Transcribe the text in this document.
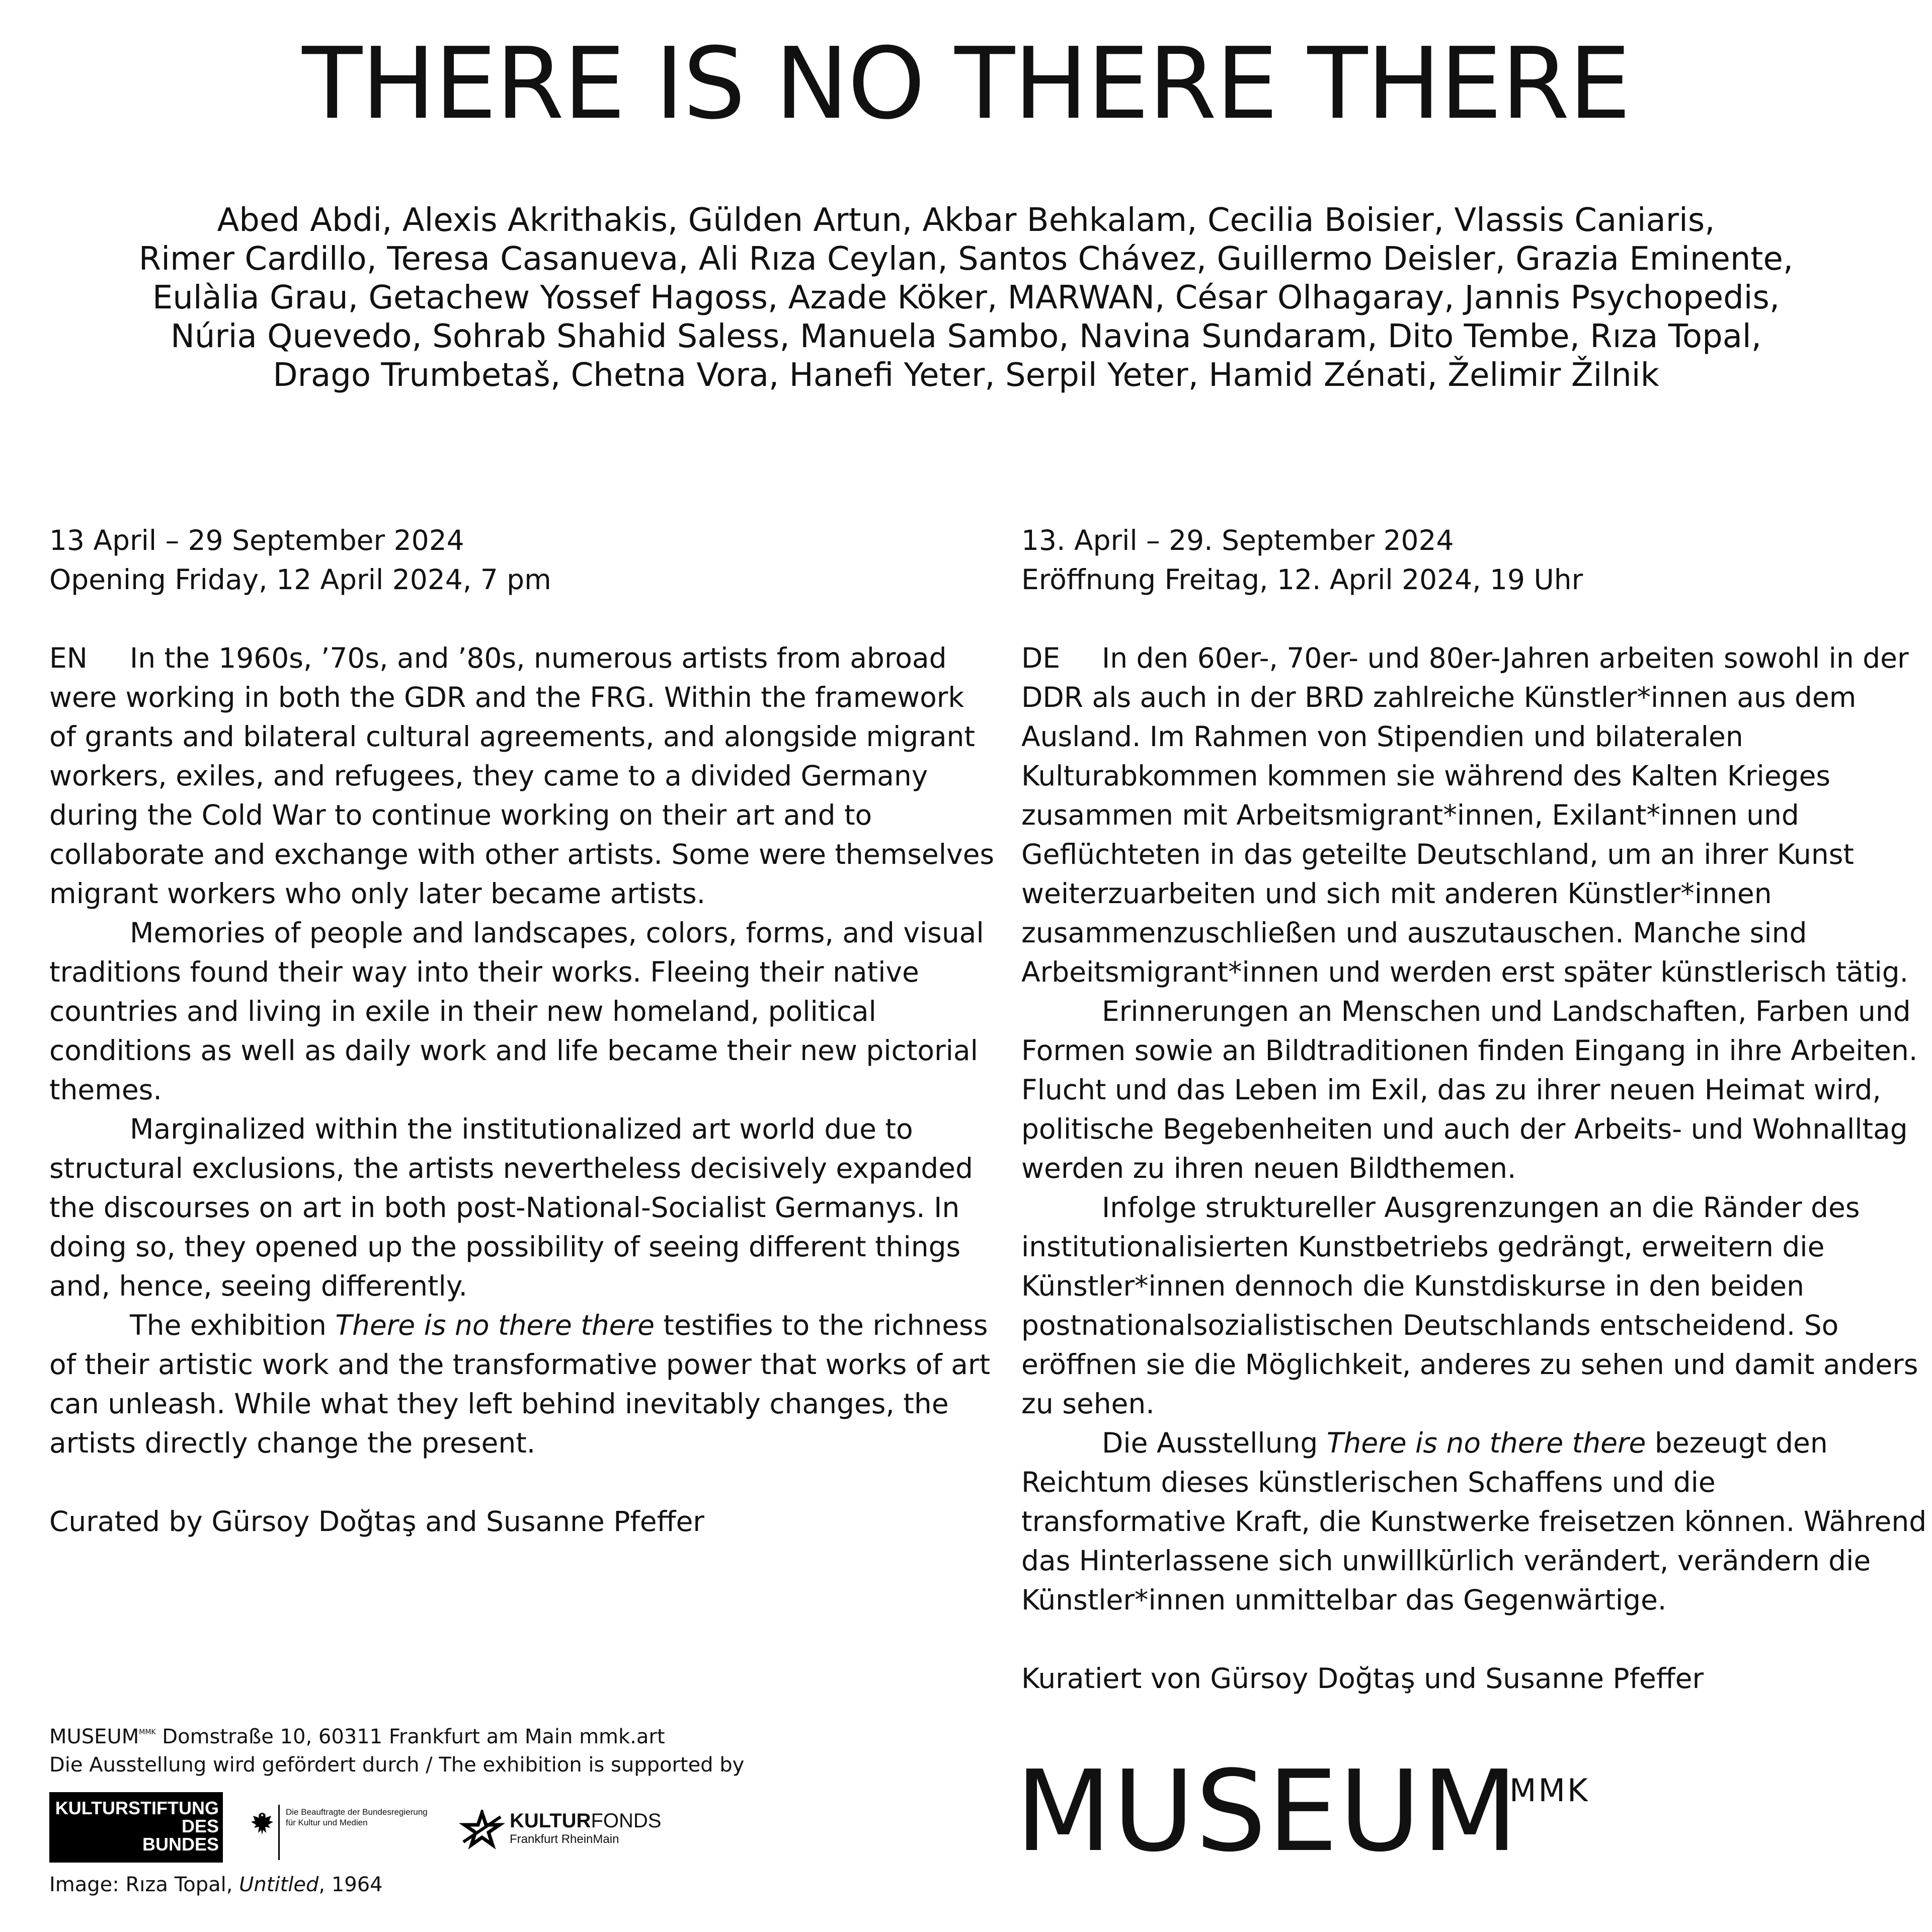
THERE IS NO THERE THERE
Abed Abdi, Alexis Akrithakis, Gülden Artun, Akbar Behkalam, Cecilia Boisier, Vlassis Caniaris,
Rimer Cardillo, Teresa Casanueva, Ali Rıza Ceylan, Santos Chávez, Guillermo Deisler, Grazia Eminente,
Eulàlia Grau, Getachew Yossef Hagoss, Azade Köker, MARWAN, César Olhagaray, Jannis Psychopedis,
Núria Quevedo, Sohrab Shahid Saless, Manuela Sambo, Navina Sundaram, Dito Tembe, Rıza Topal,
Drago Trumbetaš, Chetna Vora, Hanefi Yeter, Serpil Yeter, Hamid Zénati, Želimir Žilnik
13 April – 29 September 2024
Opening Friday, 12 April 2024, 7 pm

EN In the 1960s, ’70s, and ’80s, numerous artists from abroad were working in both the GDR and the FRG. Within the framework of grants and bilateral cultural agreements, and alongside migrant workers, exiles, and refugees, they came to a divided Germany during the Cold War to continue working on their art and to collaborate and exchange with other artists. Some were themselves migrant workers who only later became artists.

Memories of people and landscapes, colors, forms, and visual traditions found their way into their works. Fleeing their native countries and living in exile in their new homeland, political conditions as well as daily work and life became their new pictorial themes.

Marginalized within the institutionalized art world due to structural exclusions, the artists nevertheless decisively expanded the discourses on art in both post-National-Socialist Germanys. In doing so, they opened up the possibility of seeing different things and, hence, seeing differently.

The exhibition There is no there there testifies to the richness of their artistic work and the transformative power that works of art can unleash. While what they left behind inevitably changes, the artists directly change the present.

Curated by Gürsoy Doğtaş and Susanne Pfeffer
13. April – 29. September 2024
Eröffnung Freitag, 12. April 2024, 19 Uhr

DE In den 60er-, 70er- und 80er-Jahren arbeiten sowohl in der DDR als auch in der BRD zahlreiche Künstler*innen aus dem Ausland. Im Rahmen von Stipendien und bilateralen Kulturabkommen kommen sie während des Kalten Krieges zusammen mit Arbeitsmigrant*innen, Exilant*innen und Geflüchteten in das geteilte Deutschland, um an ihrer Kunst weiterzuarbeiten und sich mit anderen Künstler*innen zusammenzuschließen und auszutauschen. Manche sind Arbeitsmigrant*innen und werden erst später künstlerisch tätig.

Erinnerungen an Menschen und Landschaften, Farben und Formen sowie an Bildtraditionen finden Eingang in ihre Arbeiten. Flucht und das Leben im Exil, das zu ihrer neuen Heimat wird, politische Begebenheiten und auch der Arbeits- und Wohnalltag werden zu ihren neuen Bildthemen.

Infolge struktureller Ausgrenzungen an die Ränder des institutionalisierten Kunstbetriebs gedrängt, erweitern die Künstler*innen dennoch die Kunstdiskurse in den beiden postnationalsozialistischen Deutschlands entscheidend. So eröffnen sie die Möglichkeit, anderes zu sehen und damit anders zu sehen.

Die Ausstellung There is no there there bezeugt den Reichtum dieses künstlerischen Schaffens und die transformative Kraft, die Kunstwerke freisetzen können. Während das Hinterlassene sich unwillkürlich verändert, verändern die Künstler*innen unmittelbar das Gegenwärtige.

Kuratiert von Gürsoy Doğtaş und Susanne Pfeffer
$MUSEUM^{MMK}$ Domstraße 10, 60311 Frankfurt am Main mmk.art
Die Ausstellung wird gefördert durch / The exhibition is supported by
KULTURSTIFTUNG
DES
BUNDES
Die Beauftragte der Bundesregierung
für Kultur und Medien	KULTURFONDS
Frankfurt RheinMain
Image: Rıza Topal, Untitled, 1964
MUSEUM
MMK
